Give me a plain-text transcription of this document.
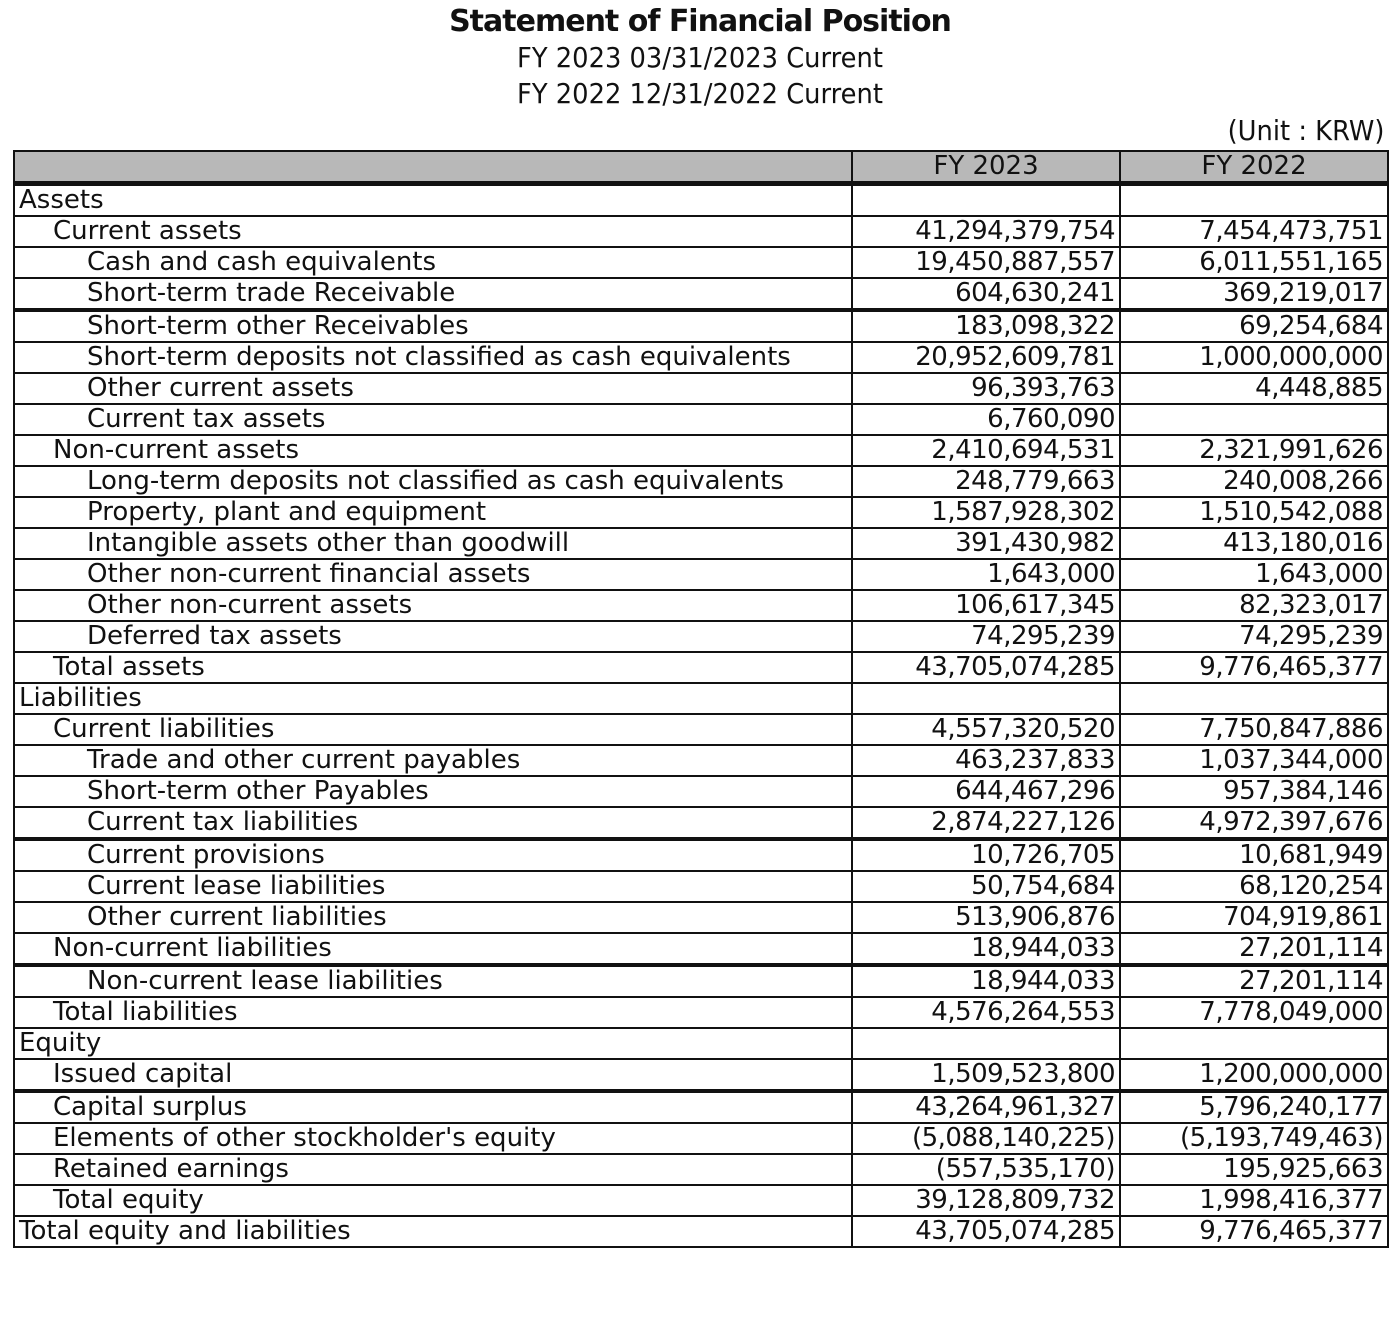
Statement of Financial Position
FY 2023 03/31/2023 Current
FY 2022 12/31/2022 Current
(Unit : KRW)
	FY 2023	FY 2022
Assets		
Current assets	41,294,379,754	7,454,473,751
Cash and cash equivalents	19,450,887,557	6,011,551,165
Short-term trade Receivable	604,630,241	369,219,017
Short-term other Receivables	183,098,322	69,254,684
Short-term deposits not classified as cash equivalents	20,952,609,781	1,000,000,000
Other current assets	96,393,763	4,448,885
Current tax assets	6,760,090	
Non-current assets	2,410,694,531	2,321,991,626
Long-term deposits not classified as cash equivalents	248,779,663	240,008,266
Property, plant and equipment	1,587,928,302	1,510,542,088
Intangible assets other than goodwill	391,430,982	413,180,016
Other non-current financial assets	1,643,000	1,643,000
Other non-current assets	106,617,345	82,323,017
Deferred tax assets	74,295,239	74,295,239
Total assets	43,705,074,285	9,776,465,377
Liabilities		
Current liabilities	4,557,320,520	7,750,847,886
Trade and other current payables	463,237,833	1,037,344,000
Short-term other Payables	644,467,296	957,384,146
Current tax liabilities	2,874,227,126	4,972,397,676
Current provisions	10,726,705	10,681,949
Current lease liabilities	50,754,684	68,120,254
Other current liabilities	513,906,876	704,919,861
Non-current liabilities	18,944,033	27,201,114
Non-current lease liabilities	18,944,033	27,201,114
Total liabilities	4,576,264,553	7,778,049,000
Equity		
Issued capital	1,509,523,800	1,200,000,000
Capital surplus	43,264,961,327	5,796,240,177
Elements of other stockholder's equity	(5,088,140,225)	(5,193,749,463)
Retained earnings	(557,535,170)	195,925,663
Total equity	39,128,809,732	1,998,416,377
Total equity and liabilities	43,705,074,285	9,776,465,377
